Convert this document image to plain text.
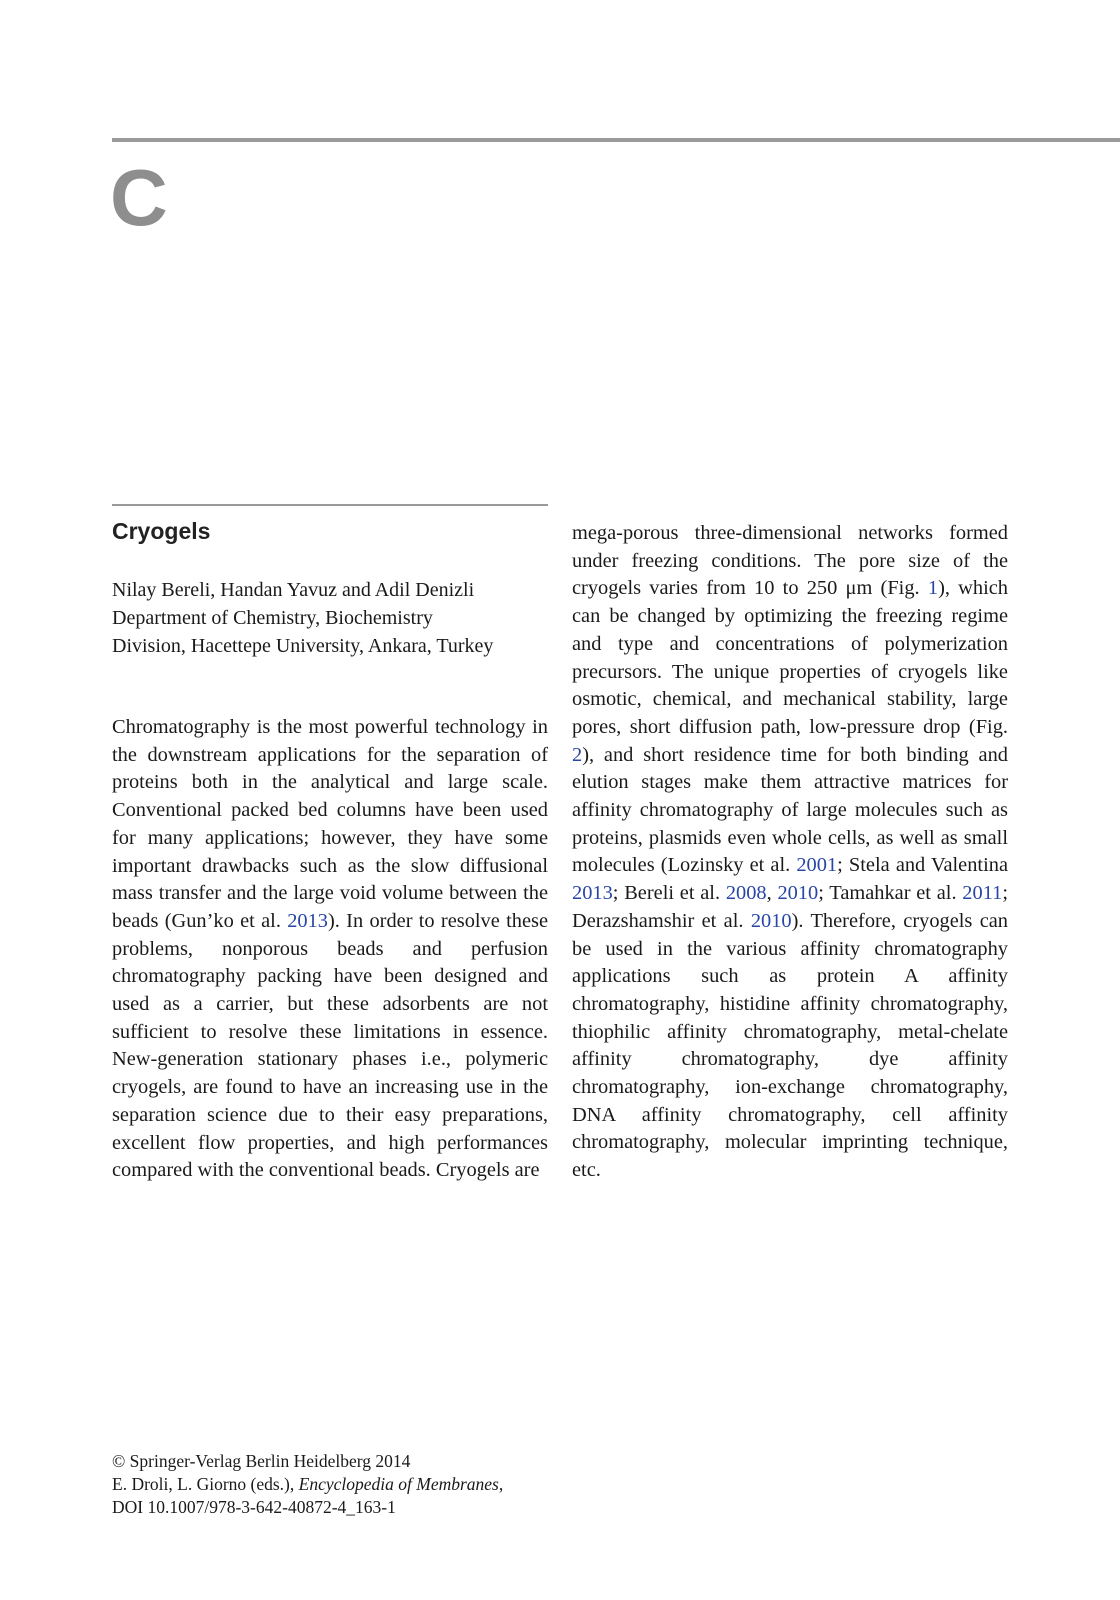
C
Cryogels
Nilay Bereli, Handan Yavuz and Adil Denizli
Department of Chemistry, Biochemistry
Division, Hacettepe University, Ankara, Turkey
Chromatography is the most powerful technology in the downstream applications for the separation of proteins both in the analytical and large scale. Conventional packed bed columns have been used for many applications; however, they have some important drawbacks such as the slow diffusional mass transfer and the large void volume between the beads (Gun’ko et al. 2013). In order to resolve these problems, nonporous beads and perfusion chromatography packing have been designed and used as a carrier, but these adsorbents are not sufficient to resolve these limitations in essence. New-generation stationary phases i.e., polymeric cryogels, are found to have an increasing use in the separation science due to their easy preparations, excellent flow properties, and high performances compared with the conventional beads. Cryogels are
mega-porous three-dimensional networks formed under freezing conditions. The pore size of the cryogels varies from 10 to 250 μm (Fig. 1), which can be changed by optimizing the freezing regime and type and concentrations of polymerization precursors. The unique properties of cryogels like osmotic, chemical, and mechanical stability, large pores, short diffusion path, low-pressure drop (Fig. 2), and short residence time for both binding and elution stages make them attractive matrices for affinity chromatography of large molecules such as proteins, plasmids even whole cells, as well as small molecules (Lozinsky et al. 2001; Stela and Valentina 2013; Bereli et al. 2008, 2010; Tamahkar et al. 2011; Derazshamshir et al. 2010). Therefore, cryogels can be used in the various affinity chromatography applications such as protein A affinity chromatography, histidine affinity chromatography, thiophilic affinity chromatography, metal-chelate affinity chromatography, dye affinity chromatography, ion-exchange chromatography, DNA affinity chromatography, cell affinity chromatography, molecular imprinting technique, etc.
© Springer-Verlag Berlin Heidelberg 2014
E. Droli, L. Giorno (eds.), Encyclopedia of Membranes,
DOI 10.1007/978-3-642-40872-4_163-1
